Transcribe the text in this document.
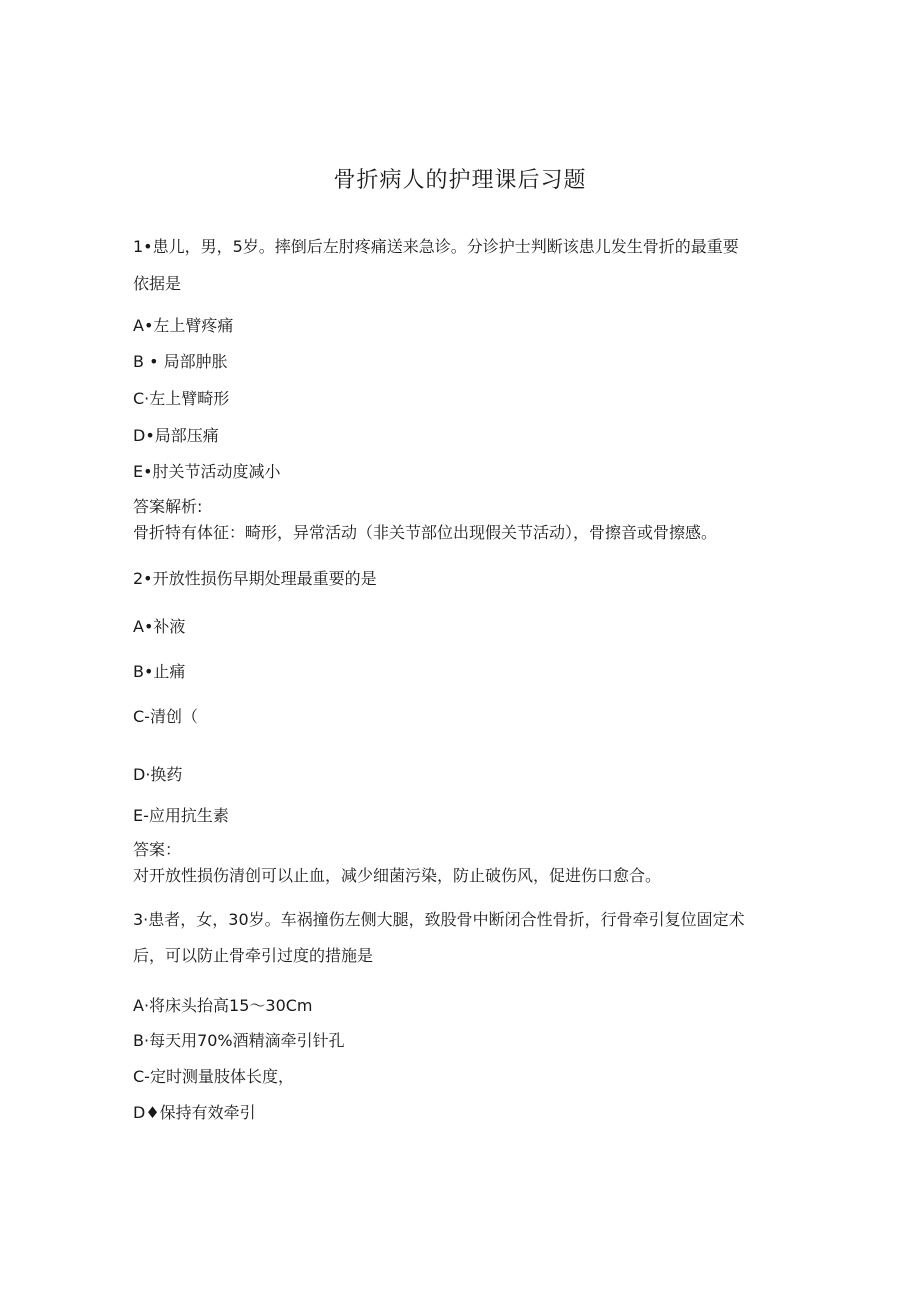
骨折病人的护理课后习题
1•患儿，男，5岁。摔倒后左肘疼痛送来急诊。分诊护士判断该患儿发生骨折的最重要
依据是
A•左上臂疼痛
B • 局部肿胀
C·左上臂畸形
D•局部压痛
E•肘关节活动度减小
答案解析:
骨折特有体征：畸形，异常活动（非关节部位出现假关节活动），骨擦音或骨擦感。
2•开放性损伤早期处理最重要的是
A•补液
B•止痛
C-清创（
D·换药
E-应用抗生素
答案：
对开放性损伤清创可以止血，减少细菌污染，防止破伤风，促进伤口愈合。
3·患者，女，30岁。车祸撞伤左侧大腿，致股骨中断闭合性骨折，行骨牵引复位固定术
后，可以防止骨牵引过度的措施是
A·将床头抬高15～30Cm
B·每天用70%酒精滴牵引针孔
C-定时测量肢体长度，
D♦保持有效牵引
